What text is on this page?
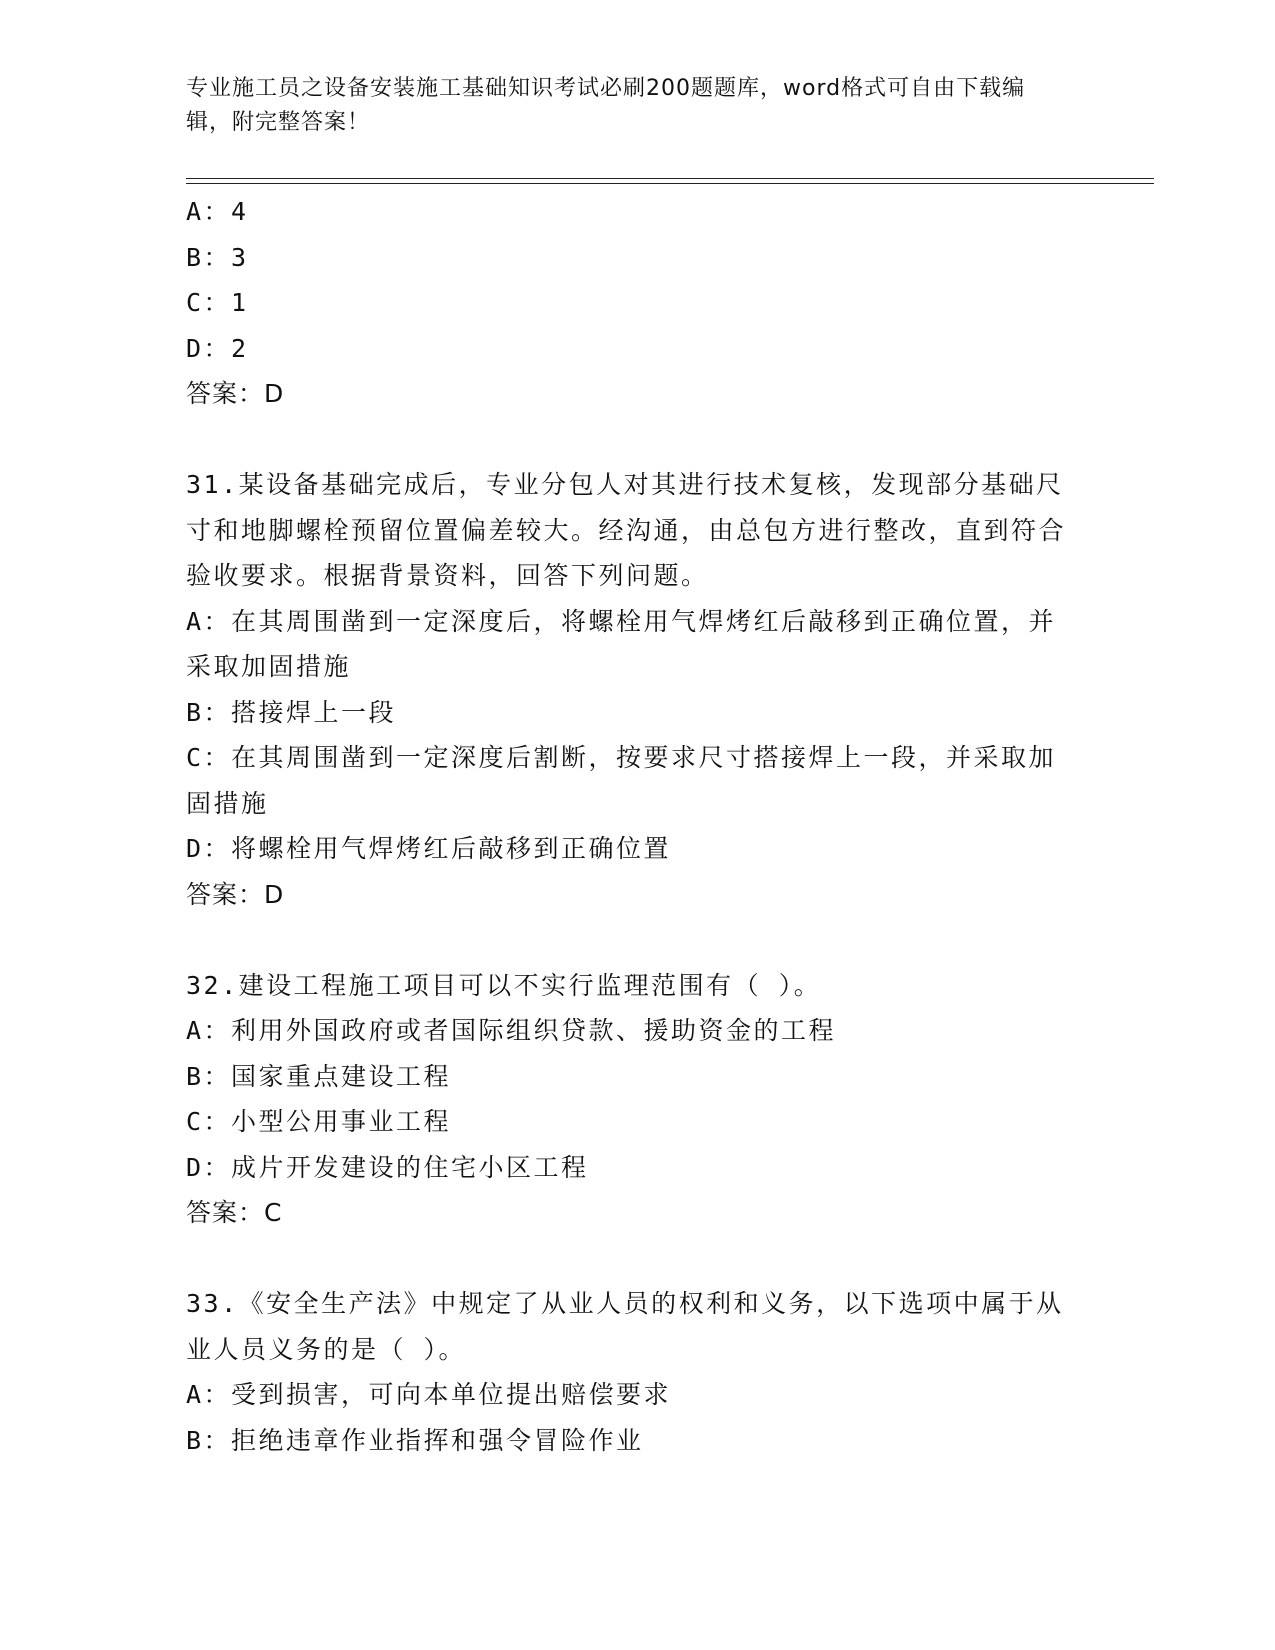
专业施工员之设备安装施工基础知识考试必刷200题题库，word格式可自由下载编辑，附完整答案！
A：4
B：3
C：1
D：2
答案：D
31.某设备基础完成后，专业分包人对其进行技术复核，发现部分基础尺寸和地脚螺栓预留位置偏差较大。经沟通，由总包方进行整改，直到符合验收要求。根据背景资料，回答下列问题。
A：在其周围凿到一定深度后，将螺栓用气焊烤红后敲移到正确位置，并采取加固措施
B：搭接焊上一段
C：在其周围凿到一定深度后割断，按要求尺寸搭接焊上一段，并采取加固措施
D：将螺栓用气焊烤红后敲移到正确位置
答案：D
32.建设工程施工项目可以不实行监理范围有（ ）。
A：利用外国政府或者国际组织贷款、援助资金的工程
B：国家重点建设工程
C：小型公用事业工程
D：成片开发建设的住宅小区工程
答案：C
33.《安全生产法》中规定了从业人员的权利和义务，以下选项中属于从业人员义务的是（ ）。
A：受到损害，可向本单位提出赔偿要求
B：拒绝违章作业指挥和强令冒险作业
